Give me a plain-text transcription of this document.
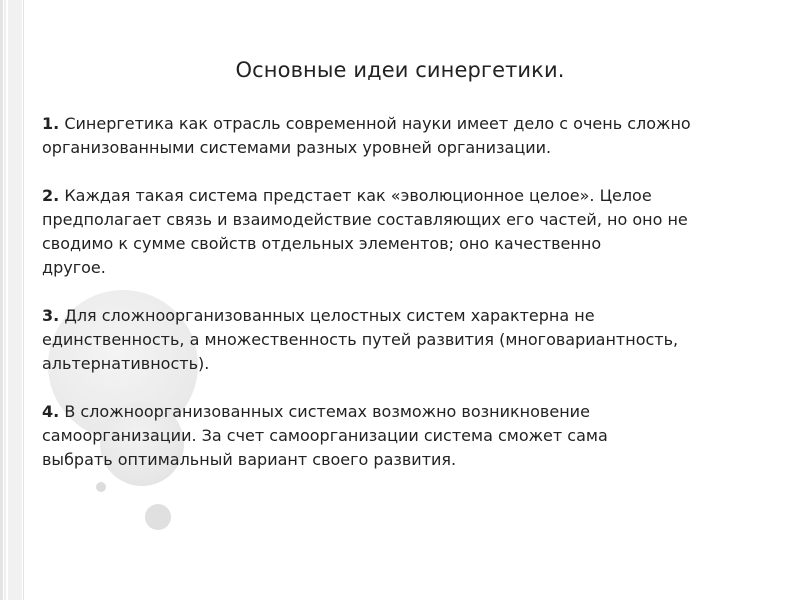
Основные идеи синергетики.

1. Синергетика как отрасль современной науки имеет дело с очень сложно
организованными системами разных уровней организации.

2. Каждая такая система предстает как «эволюционное целое». Целое
предполагает связь и взаимодействие составляющих его частей, но оно не
сводимо к сумме свойств отдельных элементов; оно качественно
другое.

3. Для сложноорганизованных целостных систем характерна не
единственность, а множественность путей развития (многовариантность,
альтернативность).

4. В сложноорганизованных системах возможно возникновение
самоорганизации. За счет самоорганизации система сможет сама
выбрать оптимальный вариант своего развития.
